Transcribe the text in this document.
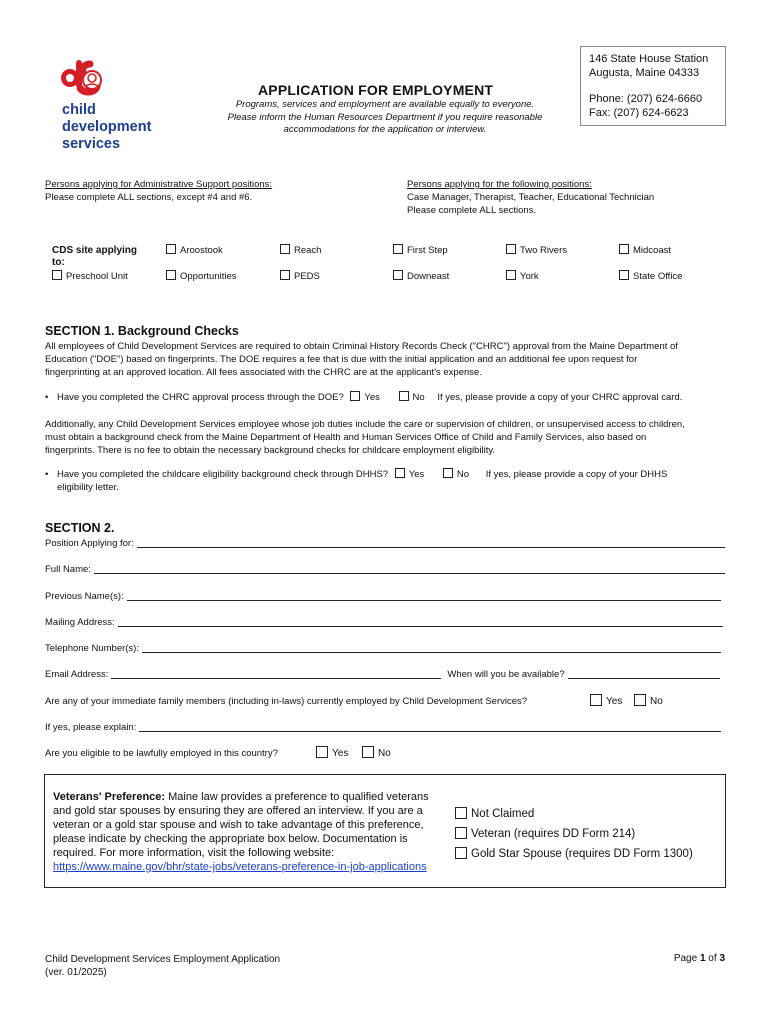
child
development
services
APPLICATION FOR EMPLOYMENT
Programs, services and employment are available equally to everyone.
Please inform the Human Resources Department if you require reasonable
accommodations for the application or interview.
146 State House Station
Augusta, Maine 04333
Phone: (207) 624-6660
Fax: (207) 624-6623
Persons applying for Administrative Support positions:
Please complete ALL sections, except #4 and #6.
Persons applying for the following positions:
Case Manager, Therapist, Teacher, Educational Technician
Please complete ALL sections.
CDS site applying
to:
Aroostook	Reach	First Step	Two Rivers	Midcoast
Preschool Unit	Opportunities	PEDS	Downeast	York	State Office
SECTION 1. Background Checks
All employees of Child Development Services are required to obtain Criminal History Records Check ("CHRC") approval from the Maine Department of
Education ("DOE") based on fingerprints. The DOE requires a fee that is due with the initial application and an additional fee upon request for
fingerprinting at an approved location. All fees associated with the CHRC are at the applicant's expense.
• Have you completed the CHRC approval process through the DOE? Yes	No If yes, please provide a copy of your CHRC approval card.
Additionally, any Child Development Services employee whose job duties include the care or supervision of children, or unsupervised access to children,
must obtain a background check from the Maine Department of Health and Human Services Office of Child and Family Services, also based on
fingerprints. There is no fee to obtain the necessary background checks for childcare employment eligibility.
• Have you completed the childcare eligibility background check through DHHS? Yes	No If yes, please provide a copy of your DHHS
eligibility letter.
SECTION 2.
Position Applying for:
Full Name:
Previous Name(s):
Mailing Address:
Telephone Number(s):
Email Address:	When will you be available?
Are any of your immediate family members (including in-laws) currently employed by Child Development Services?	Yes	No
If yes, please explain:
Are you eligible to be lawfully employed in this country?	Yes	No
Veterans' Preference: Maine law provides a preference to qualified veterans
and gold star spouses by ensuring they are offered an interview. If you are a
veteran or a gold star spouse and wish to take advantage of this preference,
please indicate by checking the appropriate box below. Documentation is
required. For more information, visit the following website:
https://www.maine.gov/bhr/state-jobs/veterans-preference-in-job-applications
Not Claimed
Veteran (requires DD Form 214)
Gold Star Spouse (requires DD Form 1300)
Child Development Services Employment Application
(ver. 01/2025)
Page 1 of 3
